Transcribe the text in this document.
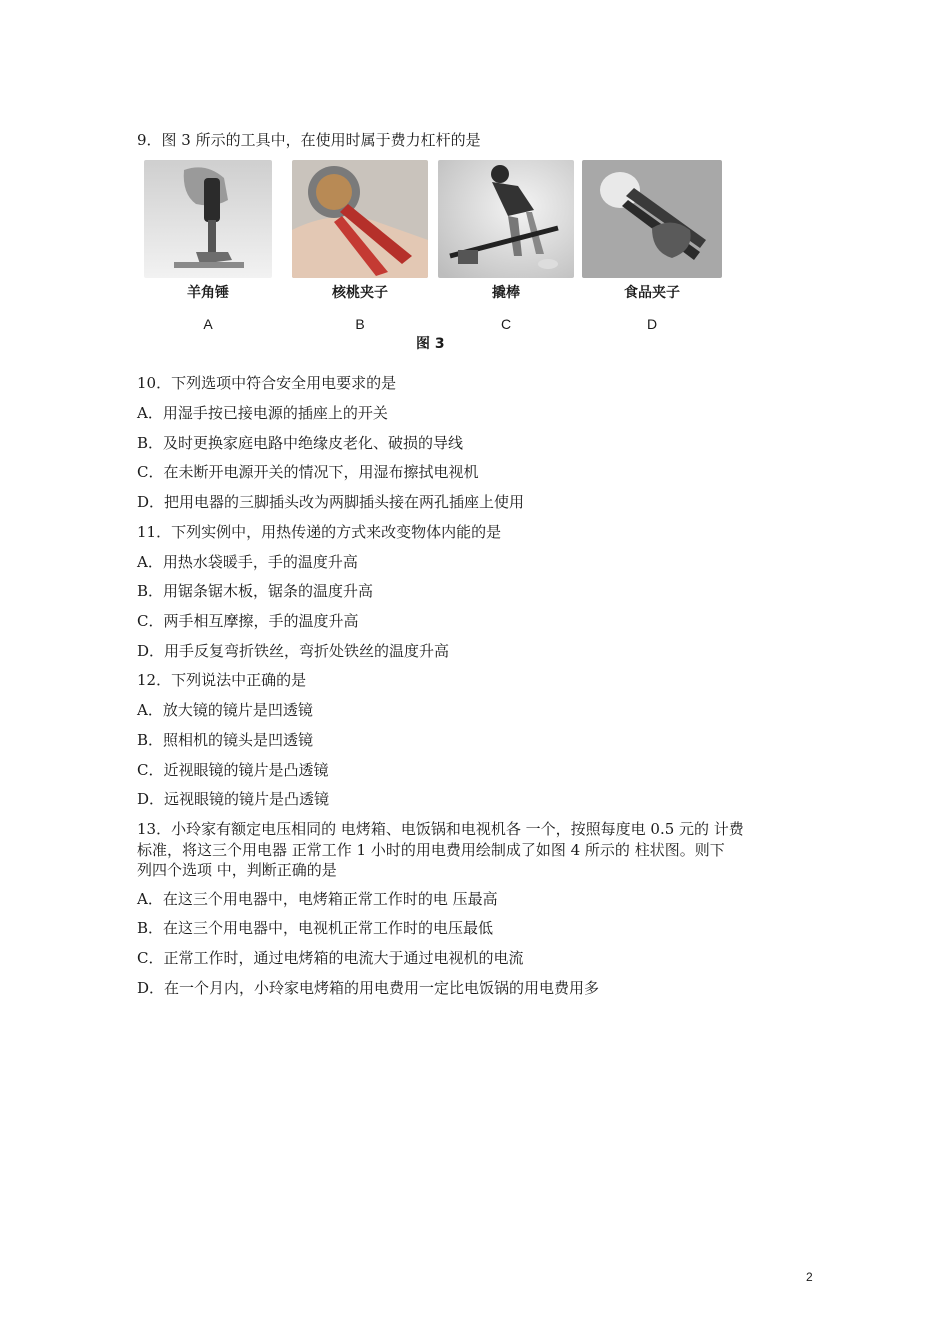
9．图 3 所示的工具中，在使用时属于费力杠杆的是
羊角锤
A
核桃夹子
B
撬棒
C
食品夹子
D
图 3
10．下列选项中符合安全用电要求的是
A．用湿手按已接电源的插座上的开关
B．及时更换家庭电路中绝缘皮老化、破损的导线
C．在未断开电源开关的情况下，用湿布擦拭电视机
D．把用电器的三脚插头改为两脚插头接在两孔插座上使用
11．下列实例中，用热传递的方式来改变物体内能的是
A．用热水袋暖手，手的温度升高
B．用锯条锯木板，锯条的温度升高
C．两手相互摩擦，手的温度升高
D．用手反复弯折铁丝，弯折处铁丝的温度升高
12．下列说法中正确的是
A．放大镜的镜片是凹透镜
B．照相机的镜头是凹透镜
C．近视眼镜的镜片是凸透镜
D．远视眼镜的镜片是凸透镜
13．小玲家有额定电压相同的 电烤箱、电饭锅和电视机各 一个，按照每度电 0.5 元的 计费
标准，将这三个用电器 正常工作 1 小时的用电费用绘制成了如图 4 所示的 柱状图。则下
列四个选项 中，判断正确的是
A．在这三个用电器中，电烤箱正常工作时的电 压最高
B．在这三个用电器中，电视机正常工作时的电压最低
C．正常工作时，通过电烤箱的电流大于通过电视机的电流
D．在一个月内，小玲家电烤箱的用电费用一定比电饭锅的用电费用多
2
